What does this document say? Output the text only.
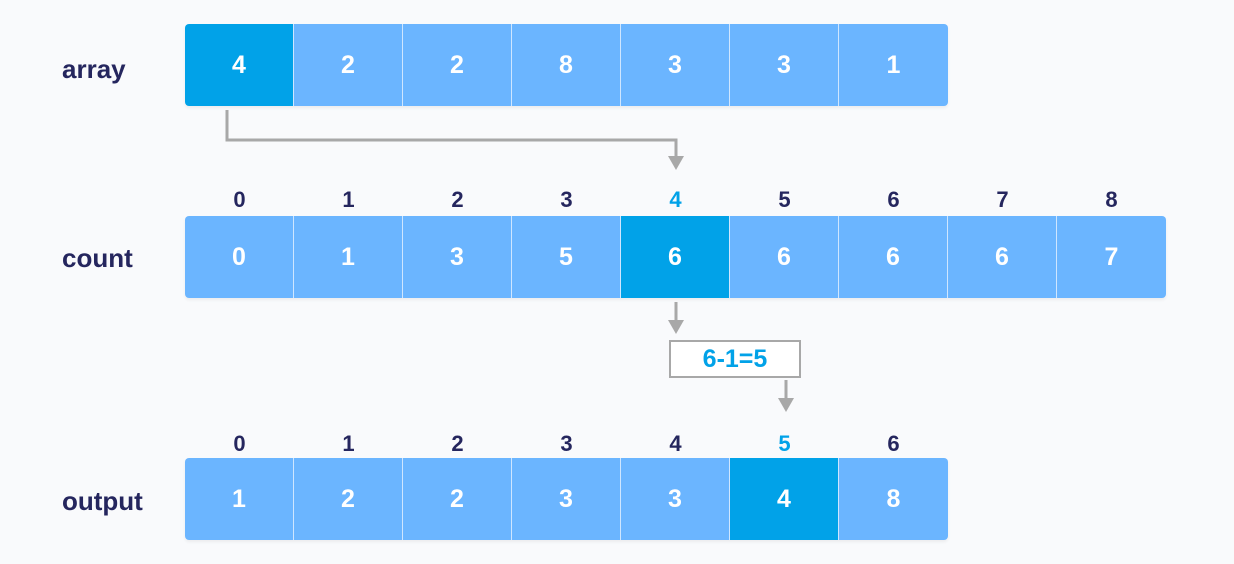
array	4	2	2	8	3	3	1
0	1	2	3	4	5	6	7	8
count	0	1	3	5	6	6	6	6	7
6-1=5
0	1	2	3	4	5	6
output	1	2	2	3	3	4	8
